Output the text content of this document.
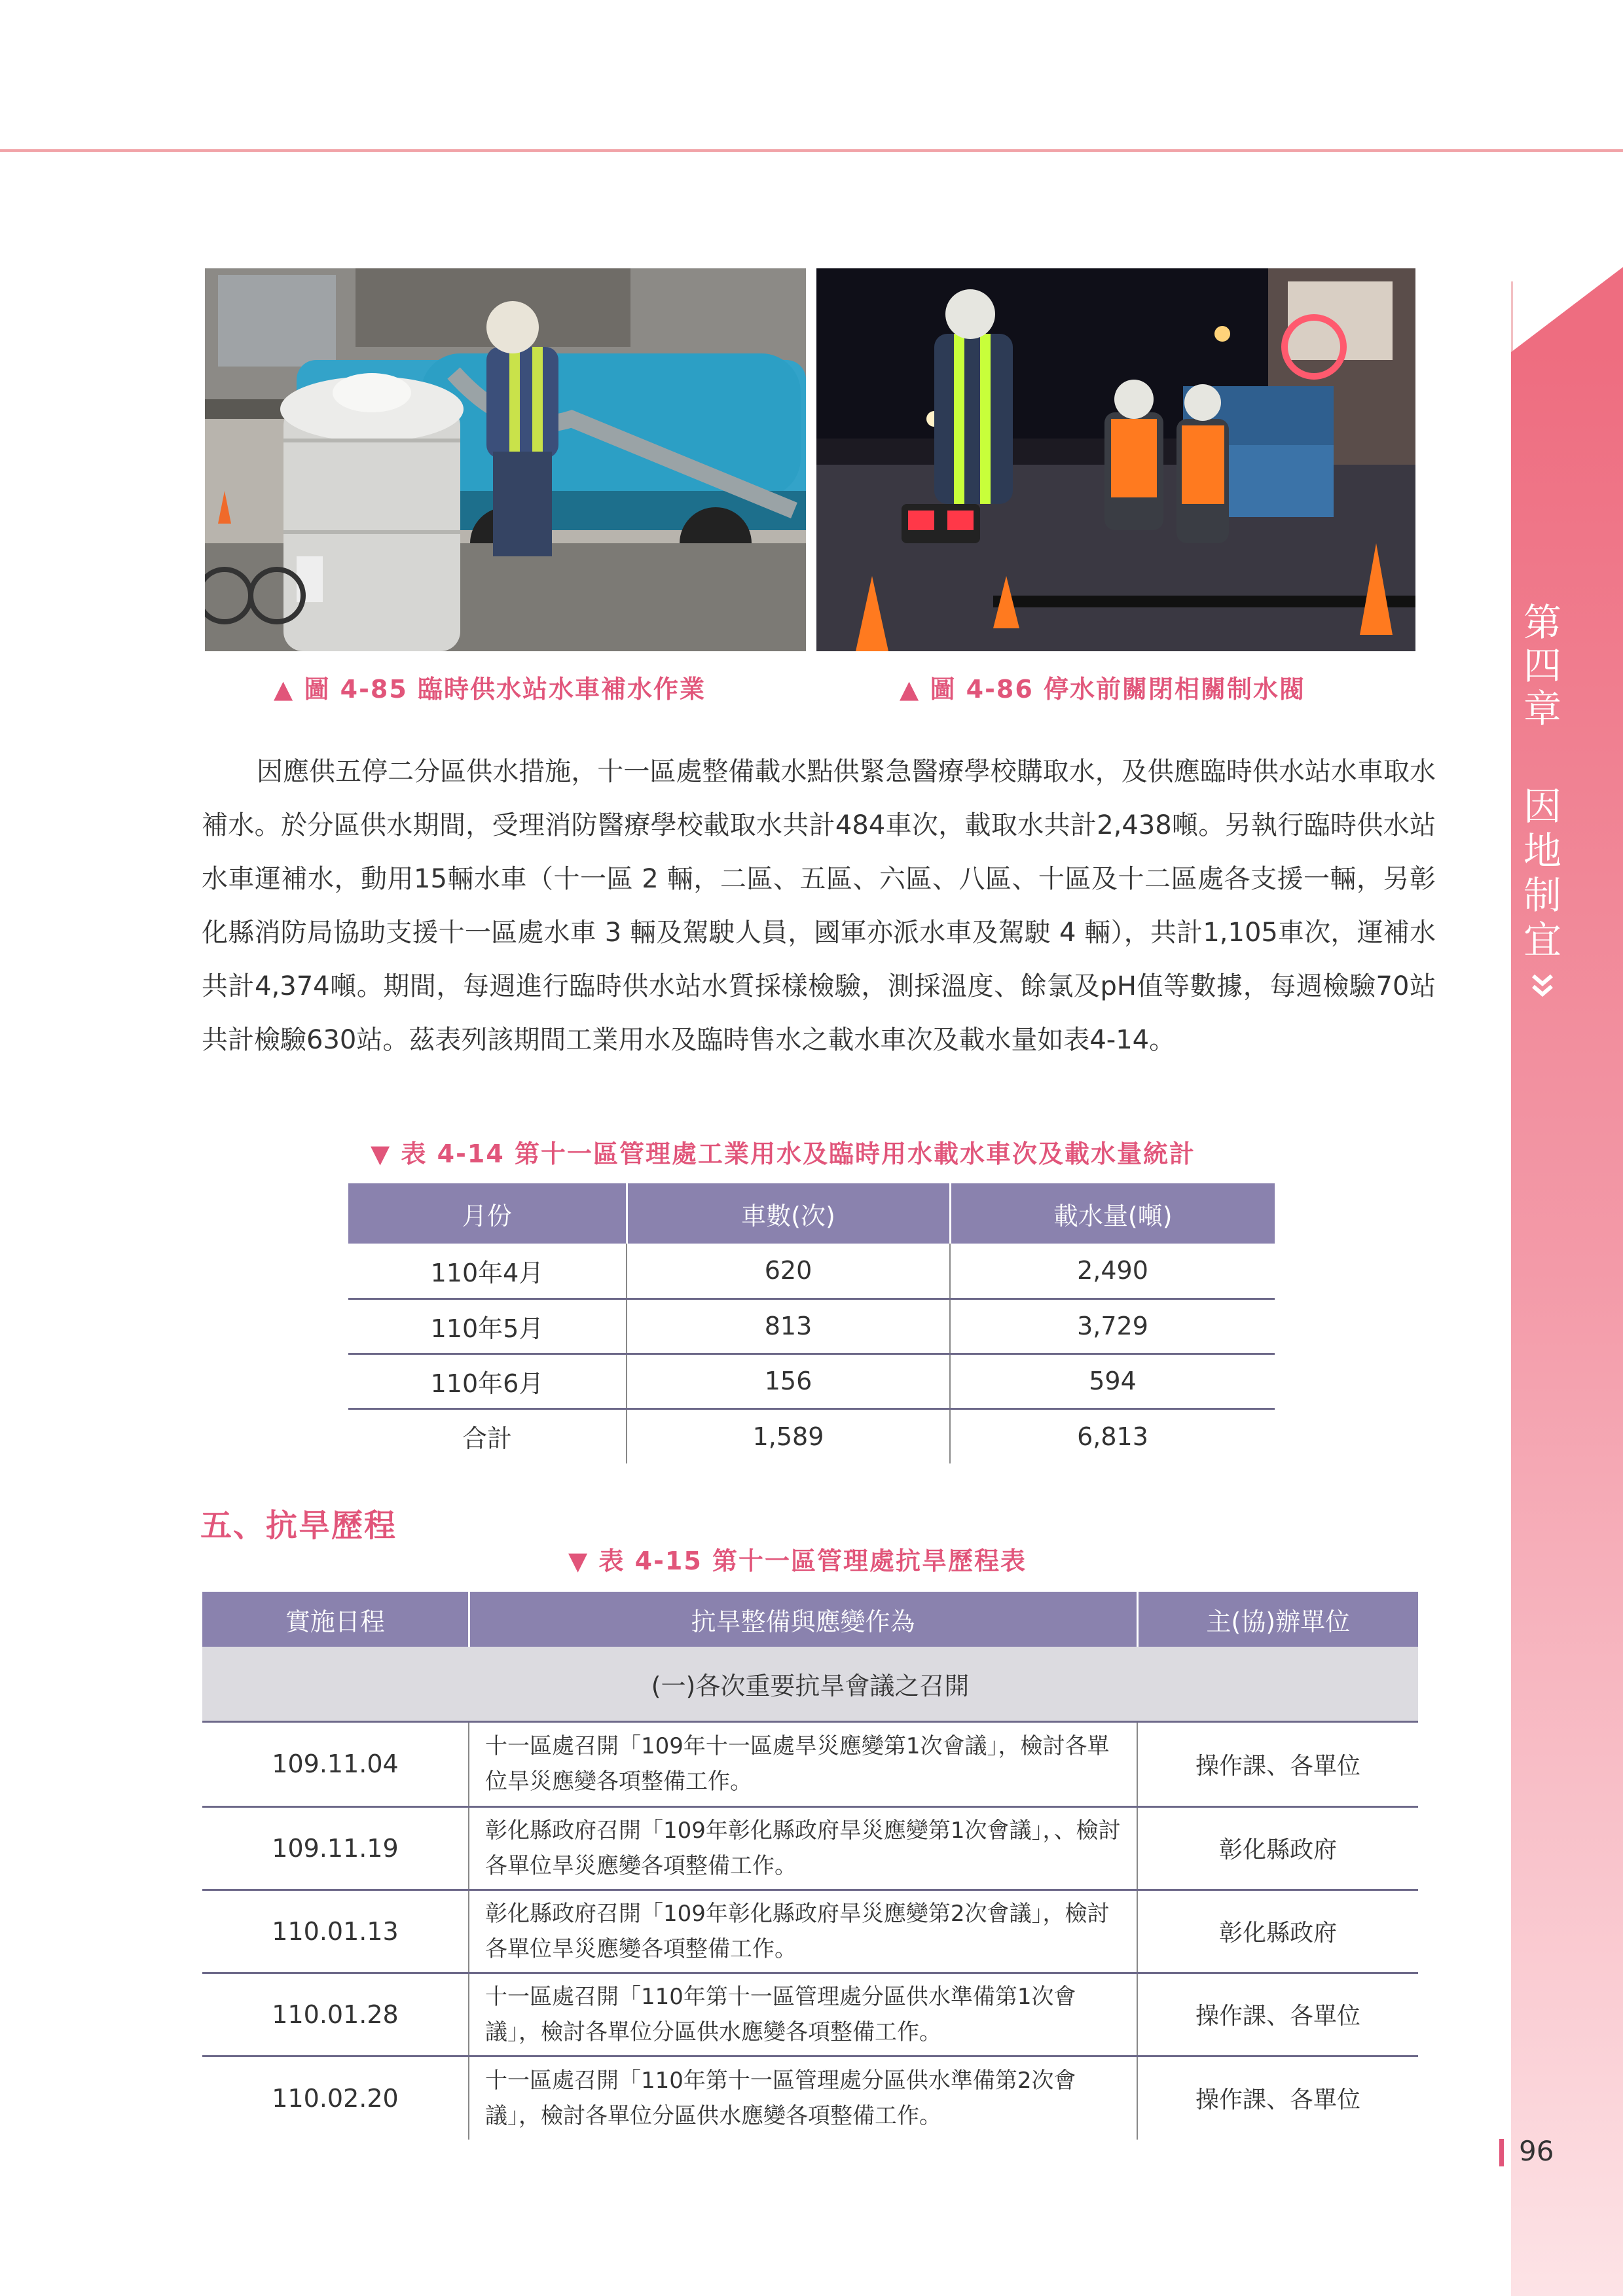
第
四
章
因
地
制
宜
▲ 圖 4-85 臨時供水站水車補水作業	▲ 圖 4-86 停水前關閉相關制水閥

因應供五停二分區供水措施，十一區處整備載水點供緊急醫療學校購取水，及供應臨時供水站水車取水補水。於分區供水期間，受理消防醫療學校載取水共計484車次，載取水共計2,438噸。另執行臨時供水站水車運補水，動用15輛水車（十一區 2 輛，二區、五區、六區、八區、十區及十二區處各支援一輛，另彰化縣消防局協助支援十一區處水車 3 輛及駕駛人員，國軍亦派水車及駕駛 4 輛），共計1,105車次，運補水共計4,374噸。期間，每週進行臨時供水站水質採樣檢驗，測採溫度、餘氯及pH值等數據，每週檢驗70站共計檢驗630站。茲表列該期間工業用水及臨時售水之載水車次及載水量如表4-14。

▼ 表 4-14 第十一區管理處工業用水及臨時用水載水車次及載水量統計
月份	車數(次)	載水量(噸)
110年4月	620	2,490
110年5月	813	3,729
110年6月	156	594
合計	1,589	6,813
五、抗旱歷程
▼ 表 4-15 第十一區管理處抗旱歷程表
實施日程	抗旱整備與應變作為	主(協)辦單位
(一)各次重要抗旱會議之召開		
109.11.04	十一區處召開「109年十一區處旱災應變第1次會議」，檢討各單位旱災應變各項整備工作。	操作課、各單位
109.11.19	彰化縣政府召開「109年彰化縣政府旱災應變第1次會議」，、檢討各單位旱災應變各項整備工作。	彰化縣政府
110.01.13	彰化縣政府召開「109年彰化縣政府旱災應變第2次會議」，檢討各單位旱災應變各項整備工作。	彰化縣政府
110.01.28	十一區處召開「110年第十一區管理處分區供水準備第1次會議」，檢討各單位分區供水應變各項整備工作。	操作課、各單位
110.02.20	十一區處召開「110年第十一區管理處分區供水準備第2次會議」，檢討各單位分區供水應變各項整備工作。	操作課、各單位
96
